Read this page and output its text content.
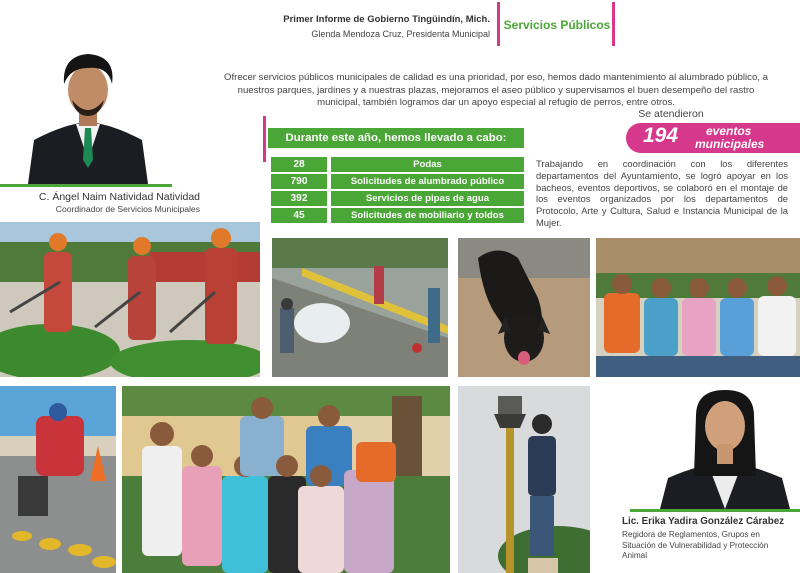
Primer Informe de Gobierno Tingüindín, Mich.
Glenda Mendoza Cruz, Presidenta Municipal
Servicios Públicos
C. Ángel Naim Natividad Natividad
Coordinador de Servicios Municipales
Ofrecer servicios públicos municipales de calidad es una prioridad, por eso, hemos dado mantenimiento al alumbrado público, a nuestros parques, jardines y a nuestras plazas, mejoramos el aseo público y supervisamos el buen desempeño del rastro municipal, también logramos dar un apoyo especial al refugio de perros, entre otros.
Durante este año, hemos llevado a cabo:
28	Podas
790	Solicitudes de alumbrado público
392	Servicios de pipas de agua
45	Solicitudes de mobiliario y toldos
Se atendieron
194 eventos
municipales
Trabajando en coordinación con los diferentes departamentos del Ayuntamiento, se logró apoyar en los bacheos, eventos deportivos, se colaboró en el montaje de los eventos organizados por los departamentos de Protocolo, Arte y Cultura, Salud e Instancia Municipal de la Mujer.
Lic. Erika Yadira González Cárabez
Regidora de Reglamentos, Grupos en Situación de Vulnerabilidad y Protección Animal
